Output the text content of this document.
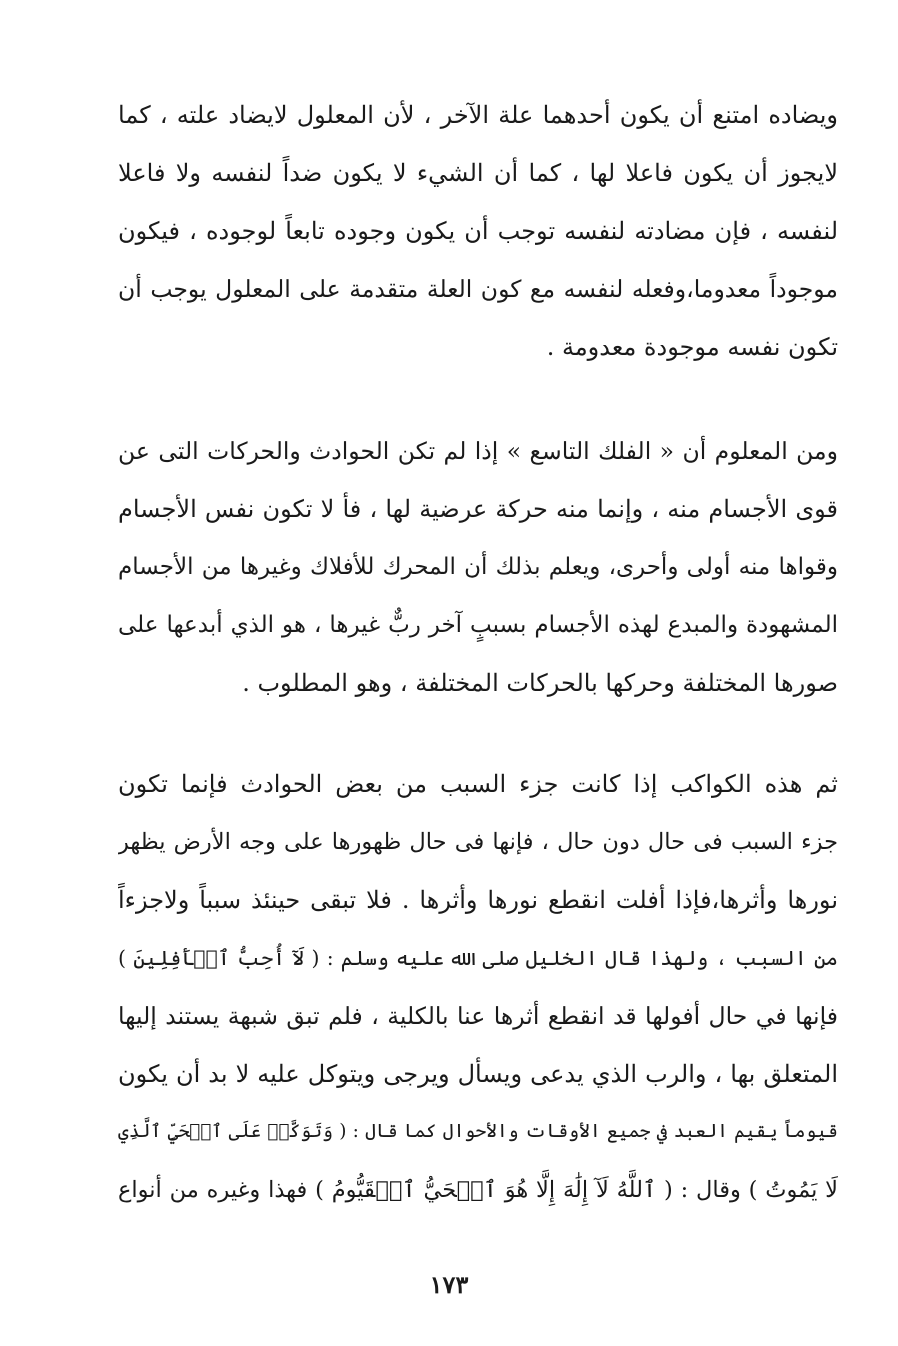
ويضاده امتنع أن يكون أحدهما علة الآخر ، لأن المعلول لايضاد علته ، كما
لايجوز أن يكون فاعلا لها ، كما أن الشيء لا يكون ضداً لنفسه ولا فاعلا
لنفسه ، فإن مضادته لنفسه توجب أن يكون وجوده تابعاً لوجوده ، فيكون
موجوداً معدوما،وفعله لنفسه مع كون العلة متقدمة على المعلول يوجب أن
تكون نفسه موجودة معدومة .
ومن المعلوم أن « الفلك التاسع » إذا لم تكن الحوادث والحركات التى عن
قوى الأجسام منه ، وإنما منه حركة عرضية لها ، فأ لا تكون نفس الأجسام
وقواها منه أولى وأحرى، ويعلم بذلك أن المحرك للأفلاك وغيرها من الأجسام
المشهودة والمبدع لهذه الأجسام بسببٍ آخر ربٌّ غيرها ، هو الذي أبدعها على
صورها المختلفة وحركها بالحركات المختلفة ، وهو المطلوب .
ثم هذه الكواكب إذا كانت جزء السبب من بعض الحوادث فإنما تكون
جزء السبب فى حال دون حال ، فإنها فى حال ظهورها على وجه الأرض يظهر
نورها وأثرها،فإذا أفلت انقطع نورها وأثرها . فلا تبقى حينئذ سبباً ولاجزءاً
من السبب ، ولهذا قال الخليل صلى الله عليه وسلم : ( لَآ أُحِبُّ ٱلۡأَفِلِينَ )
فإنها في حال أفولها قد انقطع أثرها عنا بالكلية ، فلم تبق شبهة يستند إليها
المتعلق بها ، والرب الذي يدعى ويسأل ويرجى ويتوكل عليه لا بد أن يكون
قيوماً يقيم العبد في جميع الأوقات والأحوال كما قال : ( وَتَوَكَّلۡ عَلَى ٱلۡحَيِّ ٱلَّذِي
لَا يَمُوتُ ) وقال : ( ٱللَّهُ لَآ إِلَٰهَ إِلَّا هُوَ ٱلۡحَيُّ ٱلۡقَيُّومُ ) فهذا وغيره من أنواع
١٧٣
